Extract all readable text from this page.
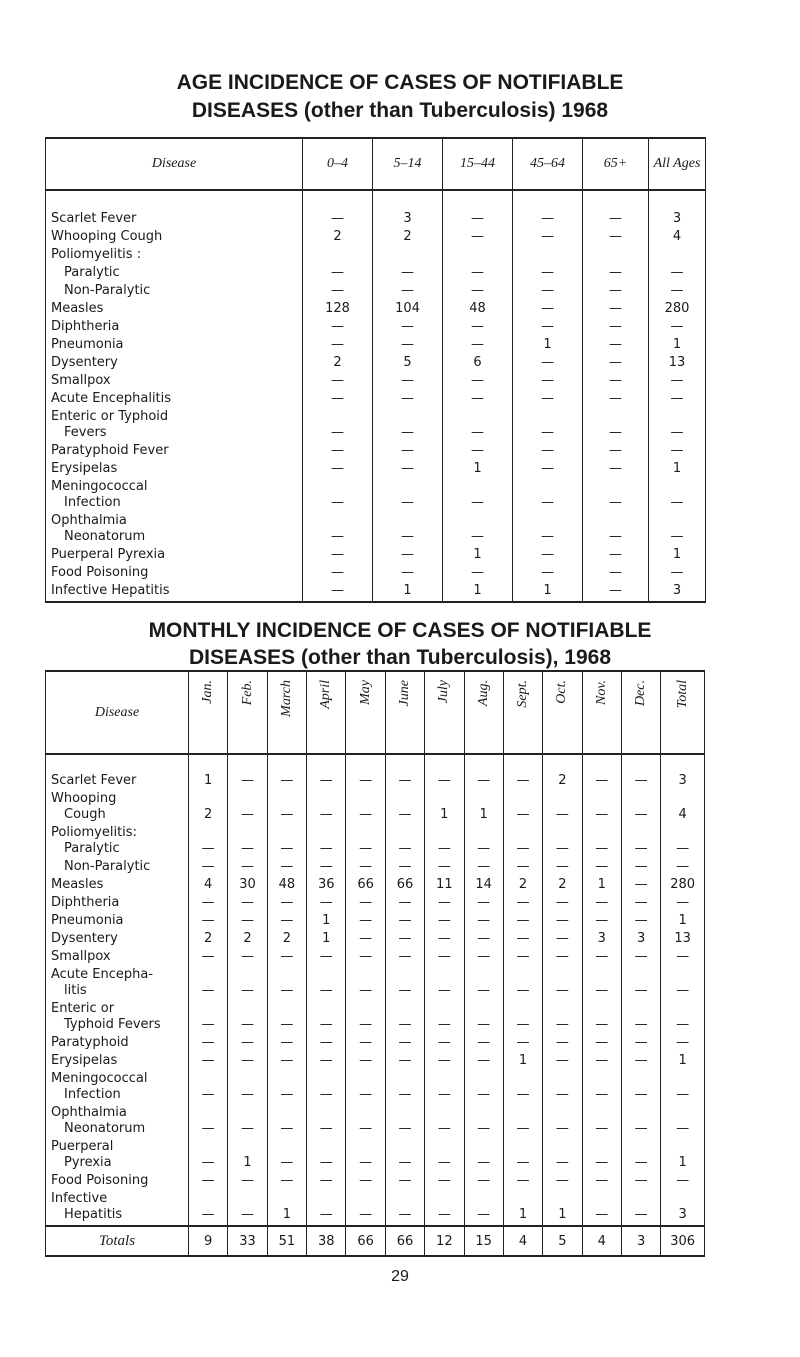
AGE INCIDENCE OF CASES OF NOTIFIABLE
DISEASES (other than Tuberculosis) 1968
Disease	0–4	5–14	15–44	45–64	65+	All Ages

Scarlet Fever	—	3	—	—	—	3

Whooping Cough	2	2	—	—	—	4

Poliomyelitis :						

Paralytic	—	—	—	—	—	—

Non-Paralytic	—	—	—	—	—	—

Measles	128	104	48	—	—	280

Diphtheria	—	—	—	—	—	—

Pneumonia	—	—	—	1	—	1

Dysentery	2	5	6	—	—	13

Smallpox	—	—	—	—	—	—

Acute Encephalitis	—	—	—	—	—	—

Enteric or Typhoid
Fevers	—	—	—	—	—	—

Paratyphoid Fever	—	—	—	—	—	—

Erysipelas	—	—	1	—	—	1

Meningococcal
Infection	—	—	—	—	—	—

Ophthalmia
Neonatorum	—	—	—	—	—	—

Puerperal Pyrexia	—	—	1	—	—	1

Food Poisoning	—	—	—	—	—	—

Infective Hepatitis	—	1	1	1	—	3
MONTHLY INCIDENCE OF CASES OF NOTIFIABLE
DISEASES (other than Tuberculosis), 1968
Disease	Jan.	Feb.	March	April	May	June	July	Aug.	Sept.	Oct.	Nov.	Dec.	Total

Scarlet Fever	1	—	—	—	—	—	—	—	—	2	—	—	3

Whooping
Cough	2	—	—	—	—	—	1	1	—	—	—	—	4

Poliomyelitis:
Paralytic	—	—	—	—	—	—	—	—	—	—	—	—	—

Non-Paralytic	—	—	—	—	—	—	—	—	—	—	—	—	—

Measles	4	30	48	36	66	66	11	14	2	2	1	—	280

Diphtheria	—	—	—	—	—	—	—	—	—	—	—	—	—

Pneumonia	—	—	—	1	—	—	—	—	—	—	—	—	1

Dysentery	2	2	2	1	—	—	—	—	—	—	3	3	13

Smallpox	—	—	—	—	—	—	—	—	—	—	—	—	—

Acute Encepha-
litis	—	—	—	—	—	—	—	—	—	—	—	—	—

Enteric or
Typhoid Fevers	—	—	—	—	—	—	—	—	—	—	—	—	—

Paratyphoid	—	—	—	—	—	—	—	—	—	—	—	—	—

Erysipelas	—	—	—	—	—	—	—	—	1	—	—	—	1

Meningococcal
Infection	—	—	—	—	—	—	—	—	—	—	—	—	—

Ophthalmia
Neonatorum	—	—	—	—	—	—	—	—	—	—	—	—	—

Puerperal
Pyrexia	—	1	—	—	—	—	—	—	—	—	—	—	1

Food Poisoning	—	—	—	—	—	—	—	—	—	—	—	—	—

Infective
Hepatitis	—	—	1	—	—	—	—	—	1	1	—	—	3

Totals	9	33	51	38	66	66	12	15	4	5	4	3	306
29
